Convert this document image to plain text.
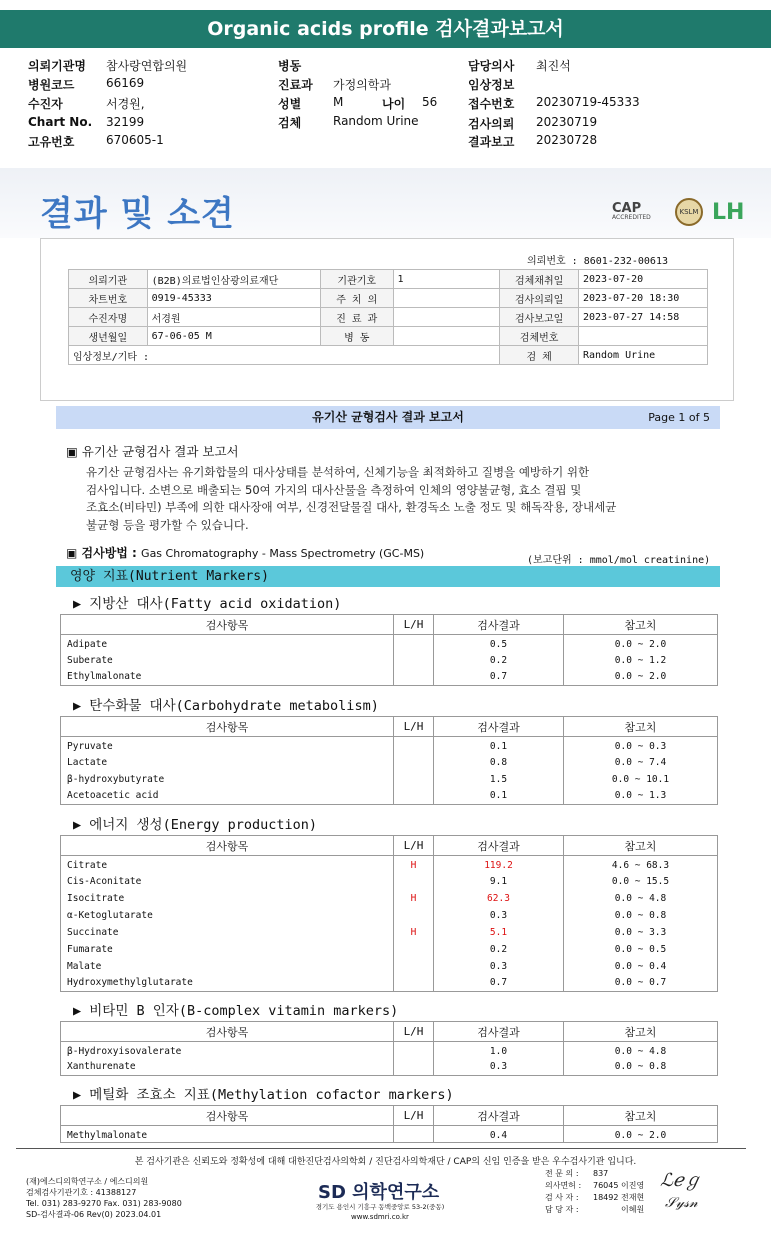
Organic acids profile 검사결과보고서
의뢰기관명 참사랑연합의원
병원코드	66169
수진자	서경원,
Chart No. 32199
고유번호	670605-1
병동
진료과 가정의학과
성별	M
검체	Random Urine
담당의사 최진석
임상정보
접수번호 20230719-45333
검사의뢰 20230719
결과보고 20230728
나이 56
결과 및 소견	CAP
ACCREDITED
KSLM LH
의뢰번호 : 8601-232-00613
의뢰기관	(B2B)의료법인삼광의료재단	기관기호	1	검체채취일	2023-07-20
차트번호	0919-45333	주 치 의		검사의뢰일	2023-07-20 18:30
수진자명	서경원	진 료 과		검사보고일	2023-07-27 14:58
생년월일	67-06-05 M	병 동		검체번호	
임상정보/기타 :				검 체	Random Urine
유기산 균형검사 결과 보고서	Page 1 of 5
▣ 유기산 균형검사 결과 보고서
유기산 균형검사는 유기화합물의 대사상태를 분석하여, 신체기능을 최적화하고 질병을 예방하기 위한
검사입니다. 소변으로 배출되는 50여 가지의 대사산물을 측정하여 인체의 영양불균형, 효소 결핍 및
조효소(비타민) 부족에 의한 대사장애 여부, 신경전달물질 대사, 환경독소 노출 정도 및 해독작용, 장내세균
불균형 등을 평가할 수 있습니다.
▣ 검사방법 : Gas Chromatography - Mass Spectrometry (GC-MS)
(보고단위 : mmol/mol creatinine)
영양 지표(Nutrient Markers)
▶ 지방산 대사(Fatty acid oxidation)
검사항목	L/H	검사결과	참고치
Adipate		0.5	0.0 ~ 2.0
Suberate		0.2	0.0 ~ 1.2
Ethylmalonate		0.7	0.0 ~ 2.0
▶ 탄수화물 대사(Carbohydrate metabolism)
검사항목	L/H	검사결과	참고치
Pyruvate		0.1	0.0 ~ 0.3
Lactate		0.8	0.0 ~ 7.4
β-hydroxybutyrate		1.5	0.0 ~ 10.1
Acetoacetic acid		0.1	0.0 ~ 1.3
▶ 에너지 생성(Energy production)
검사항목	L/H	검사결과	참고치
Citrate	H	119.2	4.6 ~ 68.3
Cis-Aconitate		9.1	0.0 ~ 15.5
Isocitrate	H	62.3	0.0 ~ 4.8
α-Ketoglutarate		0.3	0.0 ~ 0.8
Succinate	H	5.1	0.0 ~ 3.3
Fumarate		0.2	0.0 ~ 0.5
Malate		0.3	0.0 ~ 0.4
Hydroxymethylglutarate		0.7	0.0 ~ 0.7
▶ 비타민 B 인자(B-complex vitamin markers)
검사항목	L/H	검사결과	참고치
β-Hydroxyisovalerate		1.0	0.0 ~ 4.8
Xanthurenate		0.3	0.0 ~ 0.8
▶ 메틸화 조효소 지표(Methylation cofactor markers)
검사항목	L/H	검사결과	참고치
Methylmalonate		0.4	0.0 ~ 2.0
본 검사기관은 신뢰도와 정확성에 대해 대한진단검사의학회 / 진단검사의학재단 / CAP의 신임 인증을 받은 우수검사기관 입니다.
(재)에스디의학연구소 / 에스디의원
검체검사기관기호 : 41388127
Tel. 031) 283-9270 Fax. 031) 283-9080
SD-검사결과-06 Rev(0) 2023.04.01
SD 의학연구소
경기도 용인시 기흥구 동백중앙로 53-2(중동)
www.sdmri.co.kr
전 문 의 : 837
의사면허 : 76045 이진영
검 사 자 : 18492 전재현
담 당 자 :	이혜원
ℒℯℊ
𝒮𝓎𝓈𝓃
